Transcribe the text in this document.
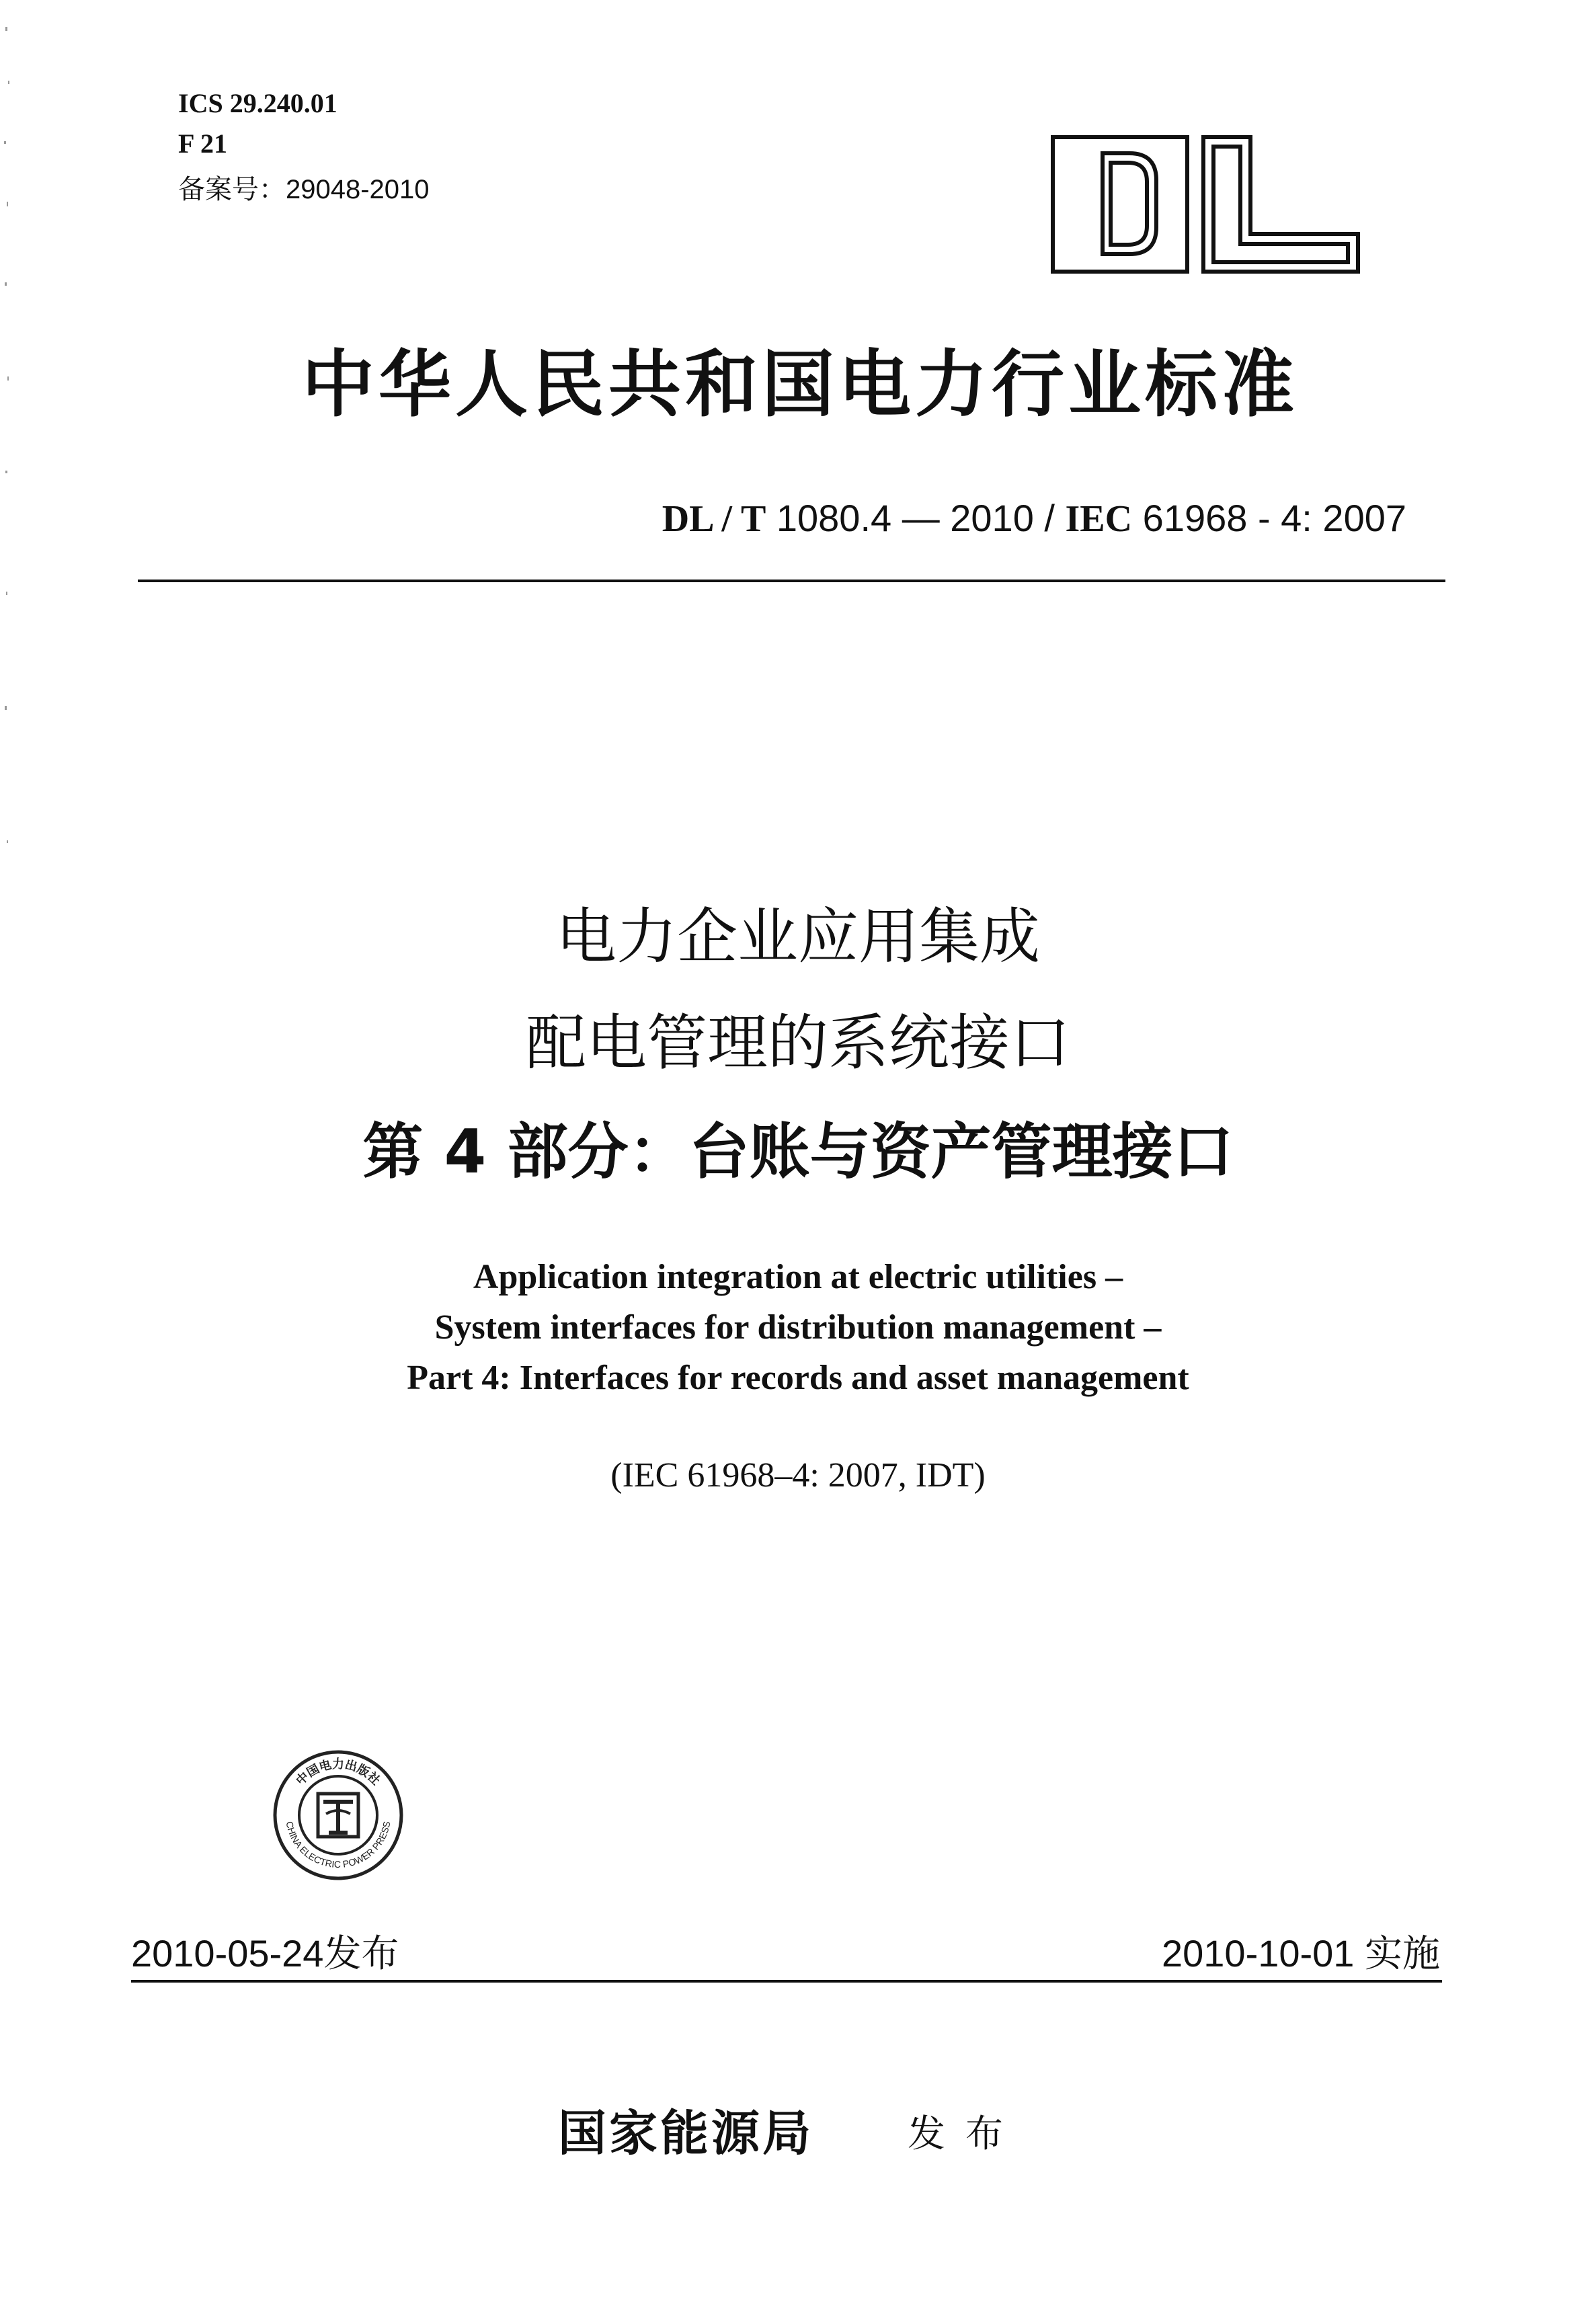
ICS 29.240.01
F 21
备案号：29048-2010
中华人民共和国电力行业标准
DL / T 1080.4 — 2010 / IEC 61968 - 4: 2007
电力企业应用集成
配电管理的系统接口
第 4 部分：台账与资产管理接口
Application integration at electric utilities –
System interfaces for distribution management –
Part 4: Interfaces for records and asset management
(IEC 61968–4: 2007, IDT)
中国电力出版社
CHINA ELECTRIC POWER PRESS
2010-05-24发布	2010-10-01 实施
国家能源局 发布
